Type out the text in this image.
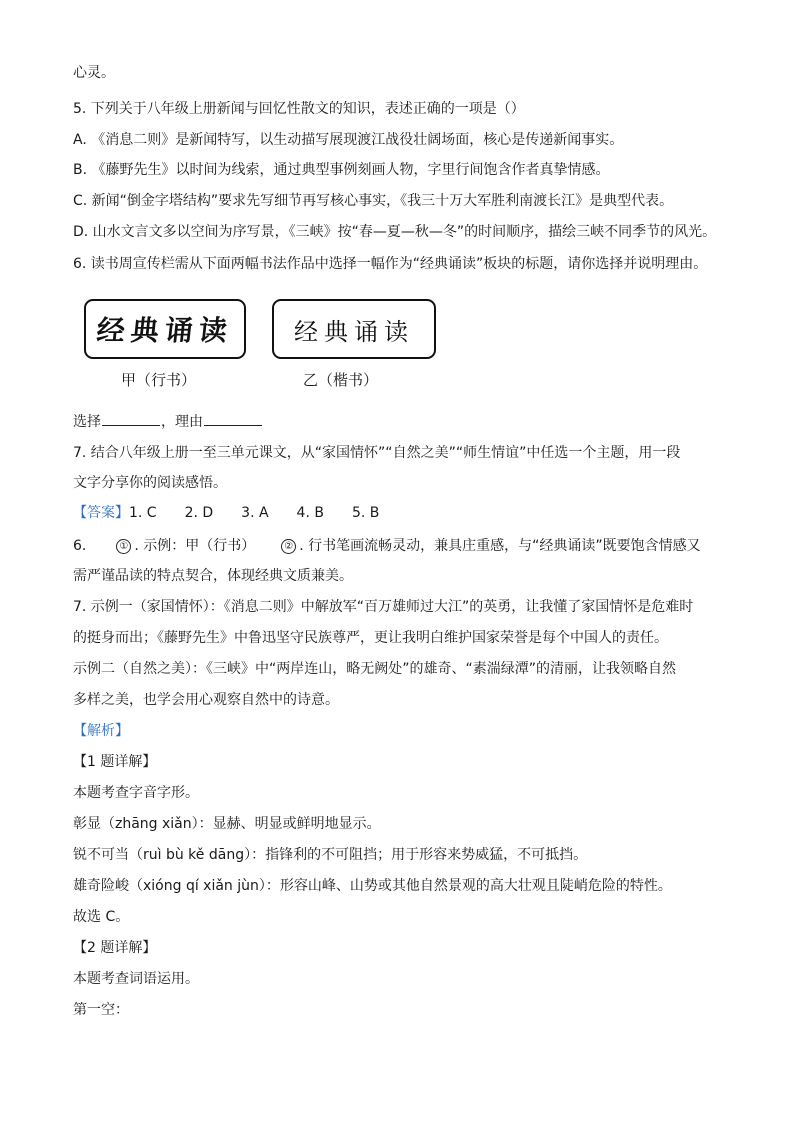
心灵。
5. 下列关于八年级上册新闻与回忆性散文的知识，表述正确的一项是（）
A. 《消息二则》是新闻特写，以生动描写展现渡江战役壮阔场面，核心是传递新闻事实。
B. 《藤野先生》以时间为线索，通过典型事例刻画人物，字里行间饱含作者真挚情感。
C. 新闻“倒金字塔结构”要求先写细节再写核心事实，《我三十万大军胜利南渡长江》是典型代表。
D. 山水文言文多以空间为序写景，《三峡》按“春—夏—秋—冬”的时间顺序，描绘三峡不同季节的风光。
6. 读书周宣传栏需从下面两幅书法作品中选择一幅作为“经典诵读”板块的标题，请你选择并说明理由。
经典诵读
甲（行书）
经典诵读
乙（楷书）
选择	，理由
7. 结合八年级上册一至三单元课文，从“家国情怀”“自然之美”“师生情谊”中任选一个主题，用一段
文字分享你的阅读感悟。
【答案】1. C　　2. D　　3. A　　4. B　　5. B
6.	① . 示例：甲（行书）	② . 行书笔画流畅灵动，兼具庄重感，与“经典诵读”既要饱含情感又
需严谨品读的特点契合，体现经典文质兼美。
7. 示例一（家国情怀）：《消息二则》中解放军“百万雄师过大江”的英勇，让我懂了家国情怀是危难时
的挺身而出；《藤野先生》中鲁迅坚守民族尊严，更让我明白维护国家荣誉是每个中国人的责任。
示例二（自然之美）：《三峡》中“两岸连山，略无阙处”的雄奇、“素湍绿潭”的清丽，让我领略自然
多样之美，也学会用心观察自然中的诗意。
【解析】
【1 题详解】
本题考查字音字形。
彰显（zhāng xiǎn）：显赫、明显或鲜明地显示。
锐不可当（ruì bù kě dāng）：指锋利的不可阻挡；用于形容来势威猛，不可抵挡。
雄奇险峻（xióng qí xiǎn jùn）：形容山峰、山势或其他自然景观的高大壮观且陡峭危险的特性。
故选 C。
【2 题详解】
本题考查词语运用。
第一空：
